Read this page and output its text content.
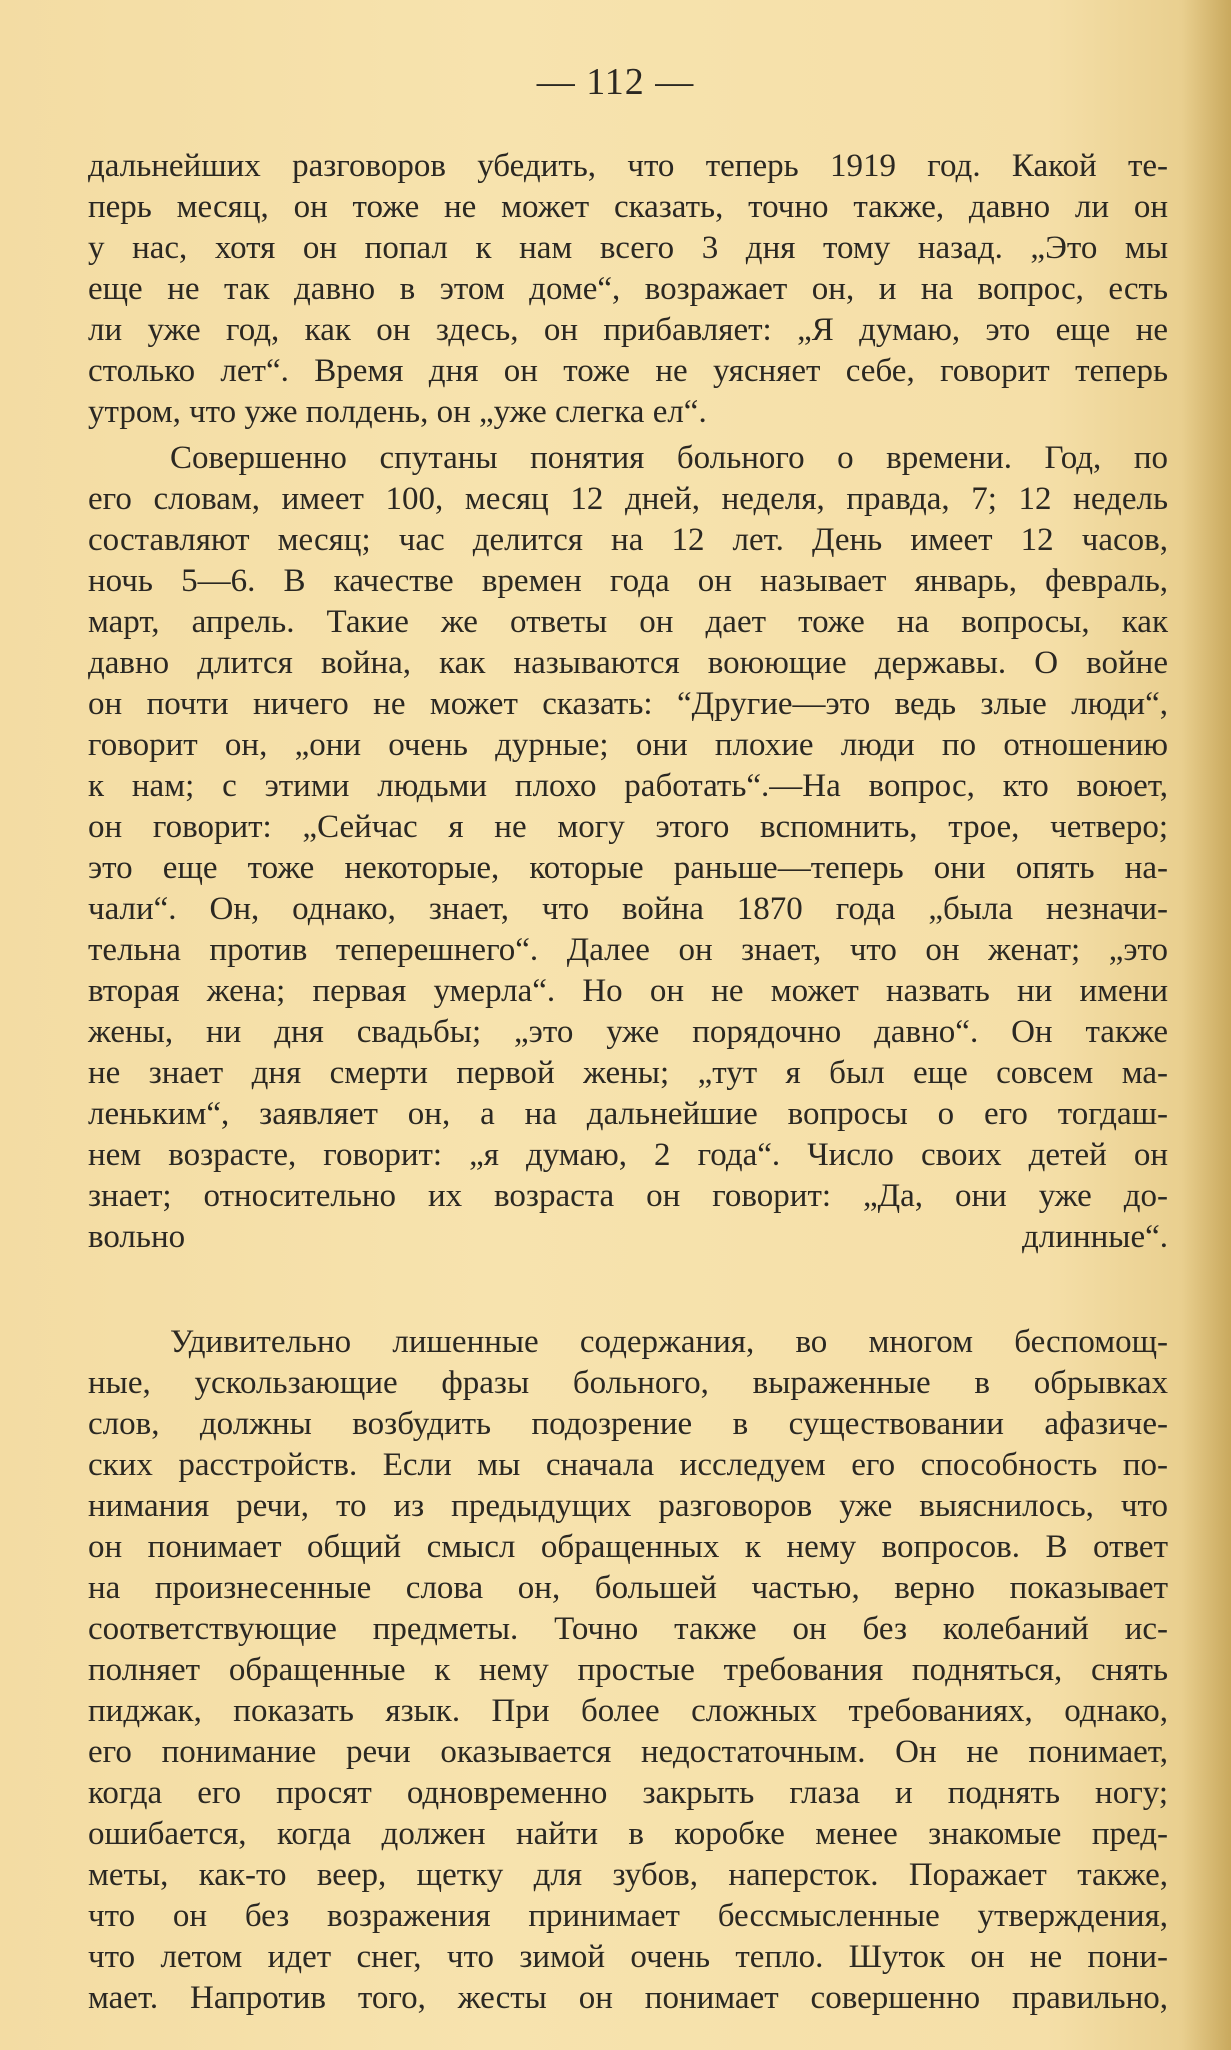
— 112 —
дальнейших разговоров убедить, что теперь 1919 год. Какой те-
перь месяц, он тоже не может сказать, точно также, давно ли он
у нас, хотя он попал к нам всего 3 дня тому назад. „Это мы
еще не так давно в этом доме“, возражает он, и на вопрос, есть
ли уже год, как он здесь, он прибавляет: „Я думаю, это еще не
столько лет“. Время дня он тоже не уясняет себе, говорит теперь
утром, что уже полдень, он „уже слегка ел“.
Совершенно спутаны понятия больного о времени. Год, по
его словам, имеет 100, месяц 12 дней, неделя, правда, 7; 12 недель
составляют месяц; час делится на 12 лет. День имеет 12 часов,
ночь 5—6. В качестве времен года он называет январь, февраль,
март, апрель. Такие же ответы он дает тоже на вопросы, как
давно длится война, как называются воюющие державы. О войне
он почти ничего не может сказать: “Другие—это ведь злые люди“,
говорит он, „они очень дурные; они плохие люди по отношению
к нам; с этими людьми плохо работать“.—На вопрос, кто воюет,
он говорит: „Сейчас я не могу этого вспомнить, трое, четверо;
это еще тоже некоторые, которые раньше—теперь они опять на-
чали“. Он, однако, знает, что война 1870 года „была незначи-
тельна против теперешнего“. Далее он знает, что он женат; „это
вторая жена; первая умерла“. Но он не может назвать ни имени
жены, ни дня свадьбы; „это уже порядочно давно“. Он также
не знает дня смерти первой жены; „тут я был еще совсем ма-
леньким“, заявляет он, а на дальнейшие вопросы о его тогдаш-
нем возрасте, говорит: „я думаю, 2 года“. Число своих детей он
знает; относительно их возраста он говорит: „Да, они уже до-
вольно длинные“.
Удивительно лишенные содержания, во многом беспомощ-
ные, ускользающие фразы больного, выраженные в обрывках
слов, должны возбудить подозрение в существовании афазиче-
ских расстройств. Если мы сначала исследуем его способность по-
нимания речи, то из предыдущих разговоров уже выяснилось, что
он понимает общий смысл обращенных к нему вопросов. В ответ
на произнесенные слова он, большей частью, верно показывает
соответствующие предметы. Точно также он без колебаний ис-
полняет обращенные к нему простые требования подняться, снять
пиджак, показать язык. При более сложных требованиях, однако,
его понимание речи оказывается недостаточным. Он не понимает,
когда его просят одновременно закрыть глаза и поднять ногу;
ошибается, когда должен найти в коробке менее знакомые пред-
меты, как-то веер, щетку для зубов, наперсток. Поражает также,
что он без возражения принимает бессмысленные утверждения,
что летом идет снег, что зимой очень тепло. Шуток он не пони-
мает. Напротив того, жесты он понимает совершенно правильно,
